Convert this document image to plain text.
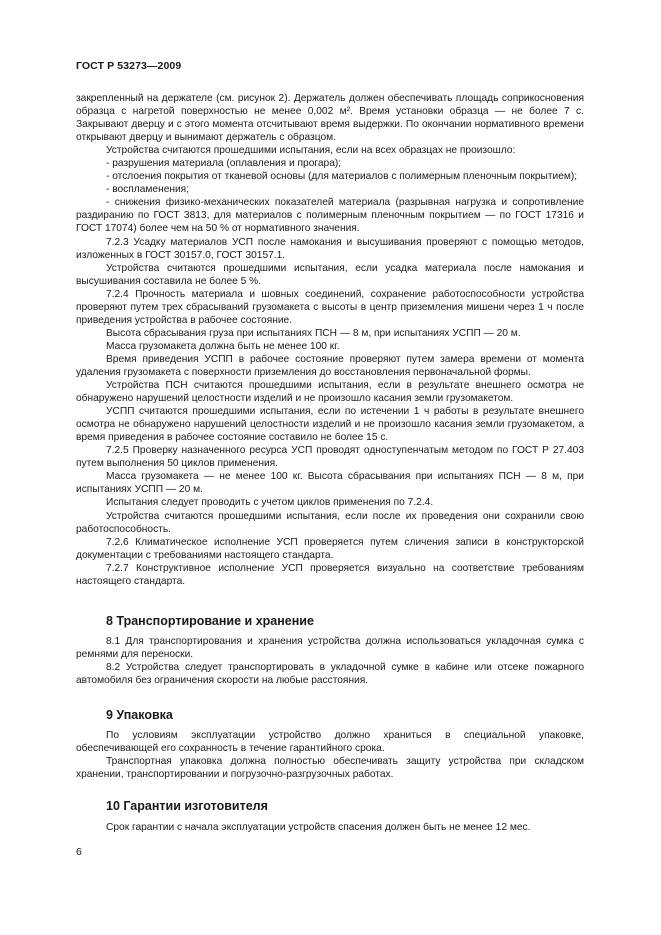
ГОСТ Р 53273—2009

закрепленный на держателе (см. рисунок 2). Держатель должен обеспечивать площадь соприкосновения образца с нагретой поверхностью не менее 0,002 м². Время установки образца — не более 7 с. Закрывают дверцу и с этого момента отсчитывают время выдержки. По окончании нормативного времени открывают дверцу и вынимают держатель с образцом.

Устройства считаются прошедшими испытания, если на всех образцах не произошло:

- разрушения материала (оплавления и прогара);

- отслоения покрытия от тканевой основы (для материалов с полимерным пленочным покрытием);

- воспламенения;

- снижения физико-механических показателей материала (разрывная нагрузка и сопротивление раздиранию по ГОСТ 3813, для материалов с полимерным пленочным покрытием — по ГОСТ 17316 и ГОСТ 17074) более чем на 50 % от нормативного значения.

7.2.3 Усадку материалов УСП после намокания и высушивания проверяют с помощью методов, изложенных в ГОСТ 30157.0, ГОСТ 30157.1.

Устройства считаются прошедшими испытания, если усадка материала после намокания и высушивания составила не более 5 %.

7.2.4 Прочность материала и шовных соединений, сохранение работоспособности устройства проверяют путем трех сбрасываний грузомакета с высоты в центр приземления мишени через 1 ч после приведения устройства в рабочее состояние.

Высота сбрасывания груза при испытаниях ПСН — 8 м, при испытаниях УСПП — 20 м.

Масса грузомакета должна быть не менее 100 кг.

Время приведения УСПП в рабочее состояние проверяют путем замера времени от момента удаления грузомакета с поверхности приземления до восстановления первоначальной формы.

Устройства ПСН считаются прошедшими испытания, если в результате внешнего осмотра не обнаружено нарушений целостности изделий и не произошло касания земли грузомакетом.

УСПП считаются прошедшими испытания, если по истечении 1 ч работы в результате внешнего осмотра не обнаружено нарушений целостности изделий и не произошло касания земли грузомакетом, а время приведения в рабочее состояние составило не более 15 с.

7.2.5 Проверку назначенного ресурса УСП проводят одноступенчатым методом по ГОСТ Р 27.403 путем выполнения 50 циклов применения.

Масса грузомакета — не менее 100 кг. Высота сбрасывания при испытаниях ПСН — 8 м, при испытаниях УСПП — 20 м.

Испытания следует проводить с учетом циклов применения по 7.2.4.

Устройства считаются прошедшими испытания, если после их проведения они сохранили свою работоспособность.

7.2.6 Климатическое исполнение УСП проверяется путем сличения записи в конструкторской документации с требованиями настоящего стандарта.

7.2.7 Конструктивное исполнение УСП проверяется визуально на соответствие требованиям настоящего стандарта.

8 Транспортирование и хранение

8.1 Для транспортирования и хранения устройства должна использоваться укладочная сумка с ремнями для переноски.

8.2 Устройства следует транспортировать в укладочной сумке в кабине или отсеке пожарного автомобиля без ограничения скорости на любые расстояния.

9 Упаковка

По условиям эксплуатации устройство должно храниться в специальной упаковке, обеспечивающей его сохранность в течение гарантийного срока.

Транспортная упаковка должна полностью обеспечивать защиту устройства при складском хранении, транспортировании и погрузочно-разгрузочных работах.

10 Гарантии изготовителя

Срок гарантии с начала эксплуатации устройств спасения должен быть не менее 12 мес.

6
